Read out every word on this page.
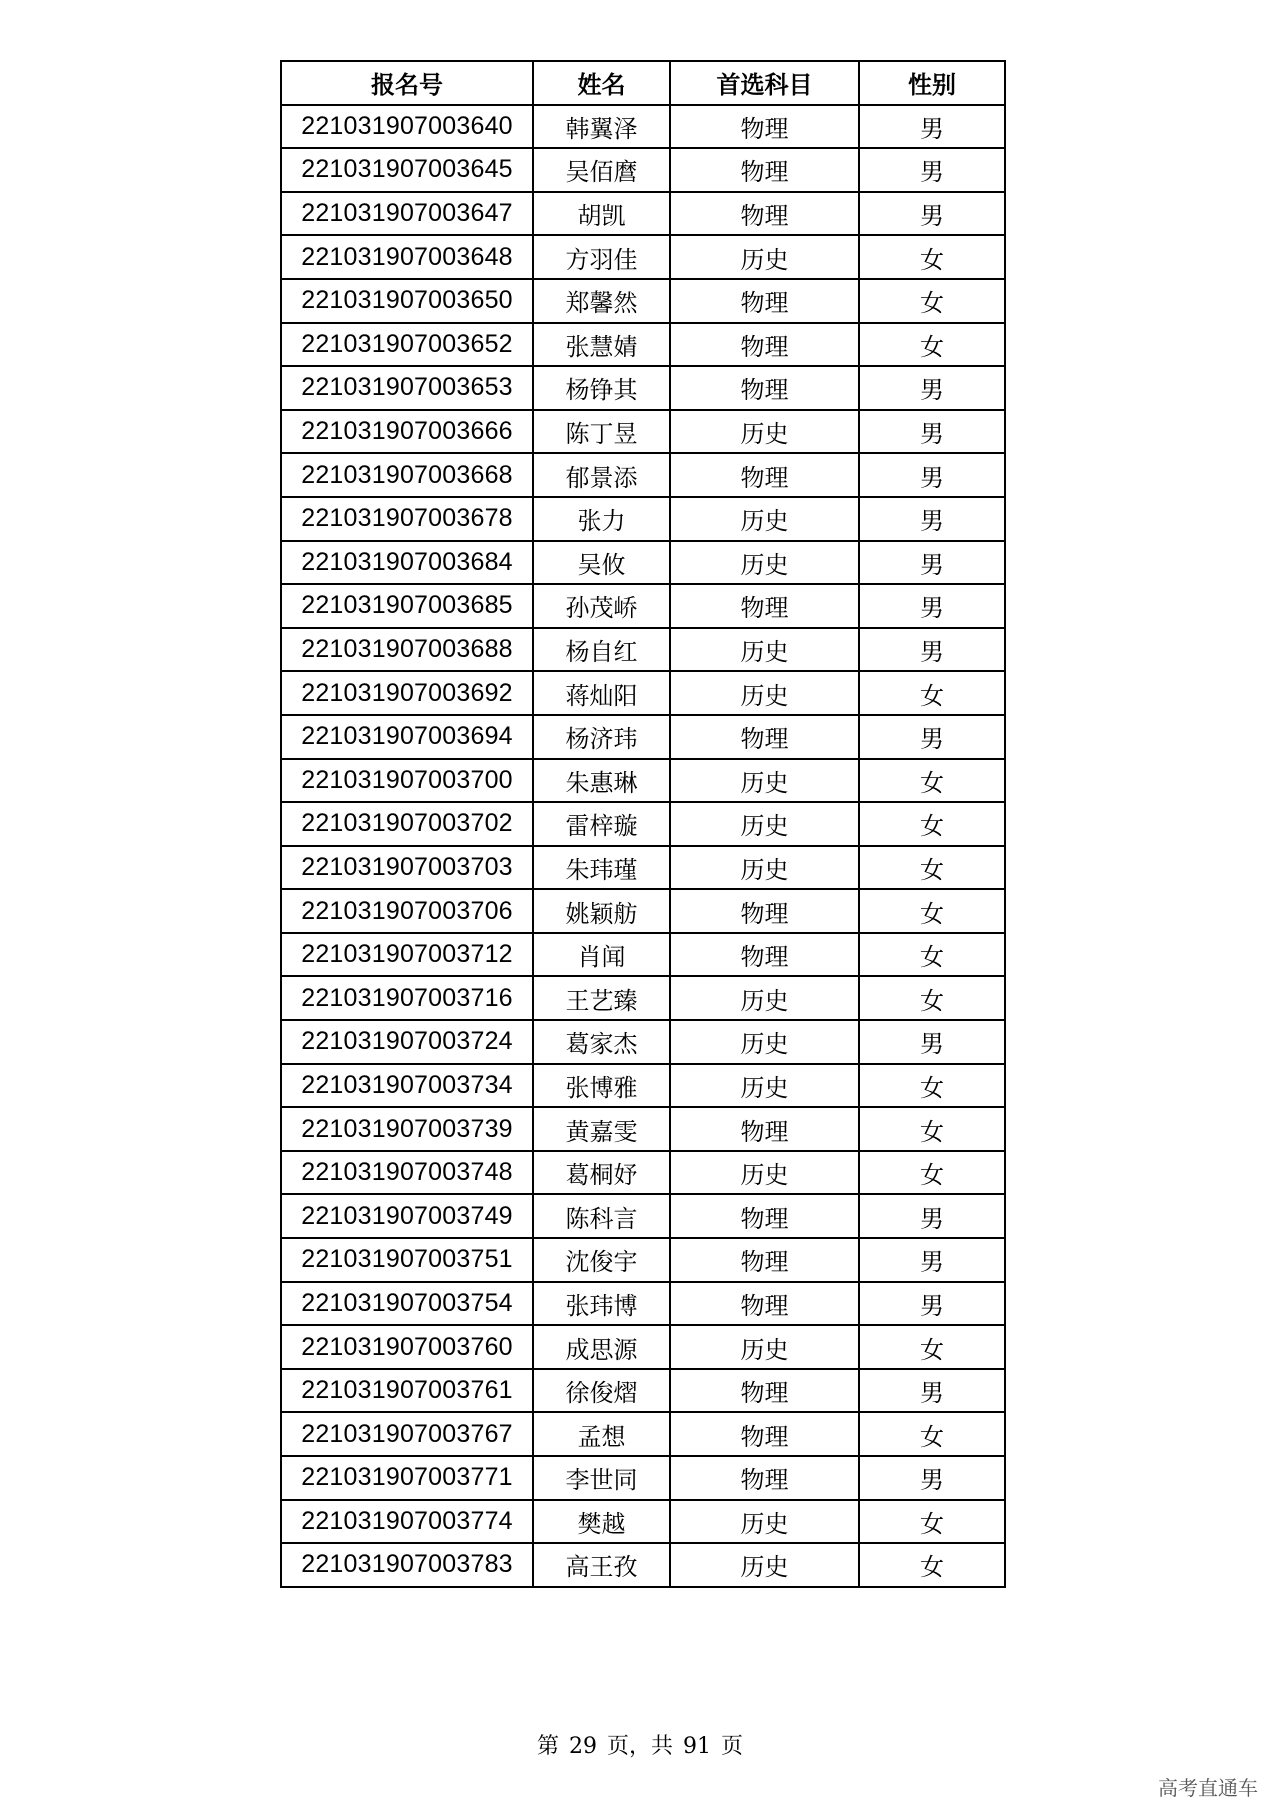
报名号	姓名	首选科目	性别
221031907003640	韩翼泽	物理	男
221031907003645	吴佰麿	物理	男
221031907003647	胡凯	物理	男
221031907003648	方羽佳	历史	女
221031907003650	郑馨然	物理	女
221031907003652	张慧婧	物理	女
221031907003653	杨铮其	物理	男
221031907003666	陈丁昱	历史	男
221031907003668	郁景添	物理	男
221031907003678	张力	历史	男
221031907003684	吴攸	历史	男
221031907003685	孙茂峤	物理	男
221031907003688	杨自红	历史	男
221031907003692	蒋灿阳	历史	女
221031907003694	杨济玮	物理	男
221031907003700	朱惠琳	历史	女
221031907003702	雷梓璇	历史	女
221031907003703	朱玮瑾	历史	女
221031907003706	姚颖舫	物理	女
221031907003712	肖闻	物理	女
221031907003716	王艺臻	历史	女
221031907003724	葛家杰	历史	男
221031907003734	张博雅	历史	女
221031907003739	黄嘉雯	物理	女
221031907003748	葛桐妤	历史	女
221031907003749	陈科言	物理	男
221031907003751	沈俊宇	物理	男
221031907003754	张玮博	物理	男
221031907003760	成思源	历史	女
221031907003761	徐俊熠	物理	男
221031907003767	孟想	物理	女
221031907003771	李世同	物理	男
221031907003774	樊越	历史	女
221031907003783	高王孜	历史	女
第 29 页，共 91 页
高考直通车
